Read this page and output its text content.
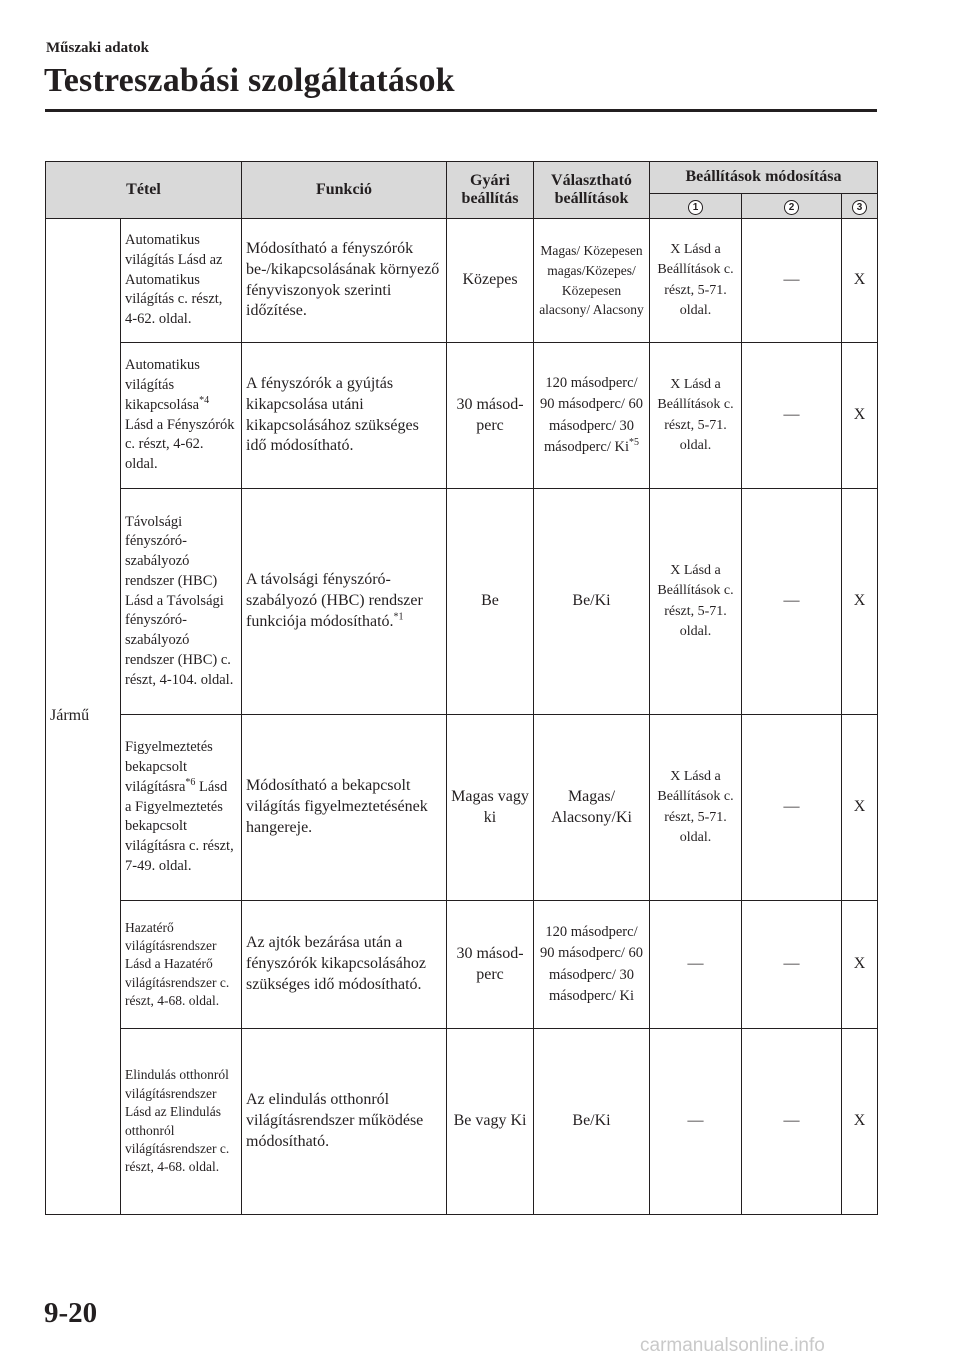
Műszaki adatok
Testreszabási szolgáltatások
Tétel		Funkció	Gyári beállítás	Választható beállítások	Beállítások módosítása		
					1	2	3
Jármű	Automatikus világítás Lásd az Automatikus világítás c. részt, 4-62. oldal.	Módosítható a fényszórók be-/kikapcsolásának környező fényviszonyok szerinti időzítése.	Közepes	Magas/ Közepesen magas/Közepes/ Közepesen alacsony/ Alacsony	X Lásd a Beállítások c. részt, 5-71. oldal.	—	X
	Automatikus világítás kikapcsolása$^{*4}$ Lásd a Fényszórók c. részt, 4-62. oldal.	A fényszórók a gyújtás kikapcsolása utáni kikapcsolásához szükséges idő módosítható.	30 másod- perc	120 másodperc/ 90 másodperc/ 60 másodperc/ 30 másodperc/ Ki$^{*5}$	X Lásd a Beállítások c. részt, 5-71. oldal.	—	X
	Távolsági fényszóró- szabályozó rendszer (HBC) Lásd a Távolsági fényszóró- szabályozó rendszer (HBC) c. részt, 4-104. oldal.	A távolsági fényszóró- szabályozó (HBC) rendszer funkciója módosítható.$^{*1}$	Be	Be/Ki	X Lásd a Beállítások c. részt, 5-71. oldal.	—	X
	Figyelmeztetés bekapcsolt világításra$^{*6}$ Lásd a Figyelmeztetés bekapcsolt világításra c. részt, 7-49. oldal.	Módosítható a bekapcsolt világítás figyelmeztetésének hangereje.	Magas vagy ki	Magas/ Alacsony/Ki	X Lásd a Beállítások c. részt, 5-71. oldal.	—	X
	Hazatérő világításrendszer Lásd a Hazatérő világításrendszer c. részt, 4-68. oldal.	Az ajtók bezárása után a fényszórók kikapcsolásához szükséges idő módosítható.	30 másod- perc	120 másodperc/ 90 másodperc/ 60 másodperc/ 30 másodperc/ Ki	—	—	X
	Elindulás otthonról világításrendszer Lásd az Elindulás otthonról világításrendszer c. részt, 4-68. oldal.	Az elindulás otthonról világításrendszer működése módosítható.	Be vagy Ki	Be/Ki	—	—	X
9-20
carmanualsonline.info
